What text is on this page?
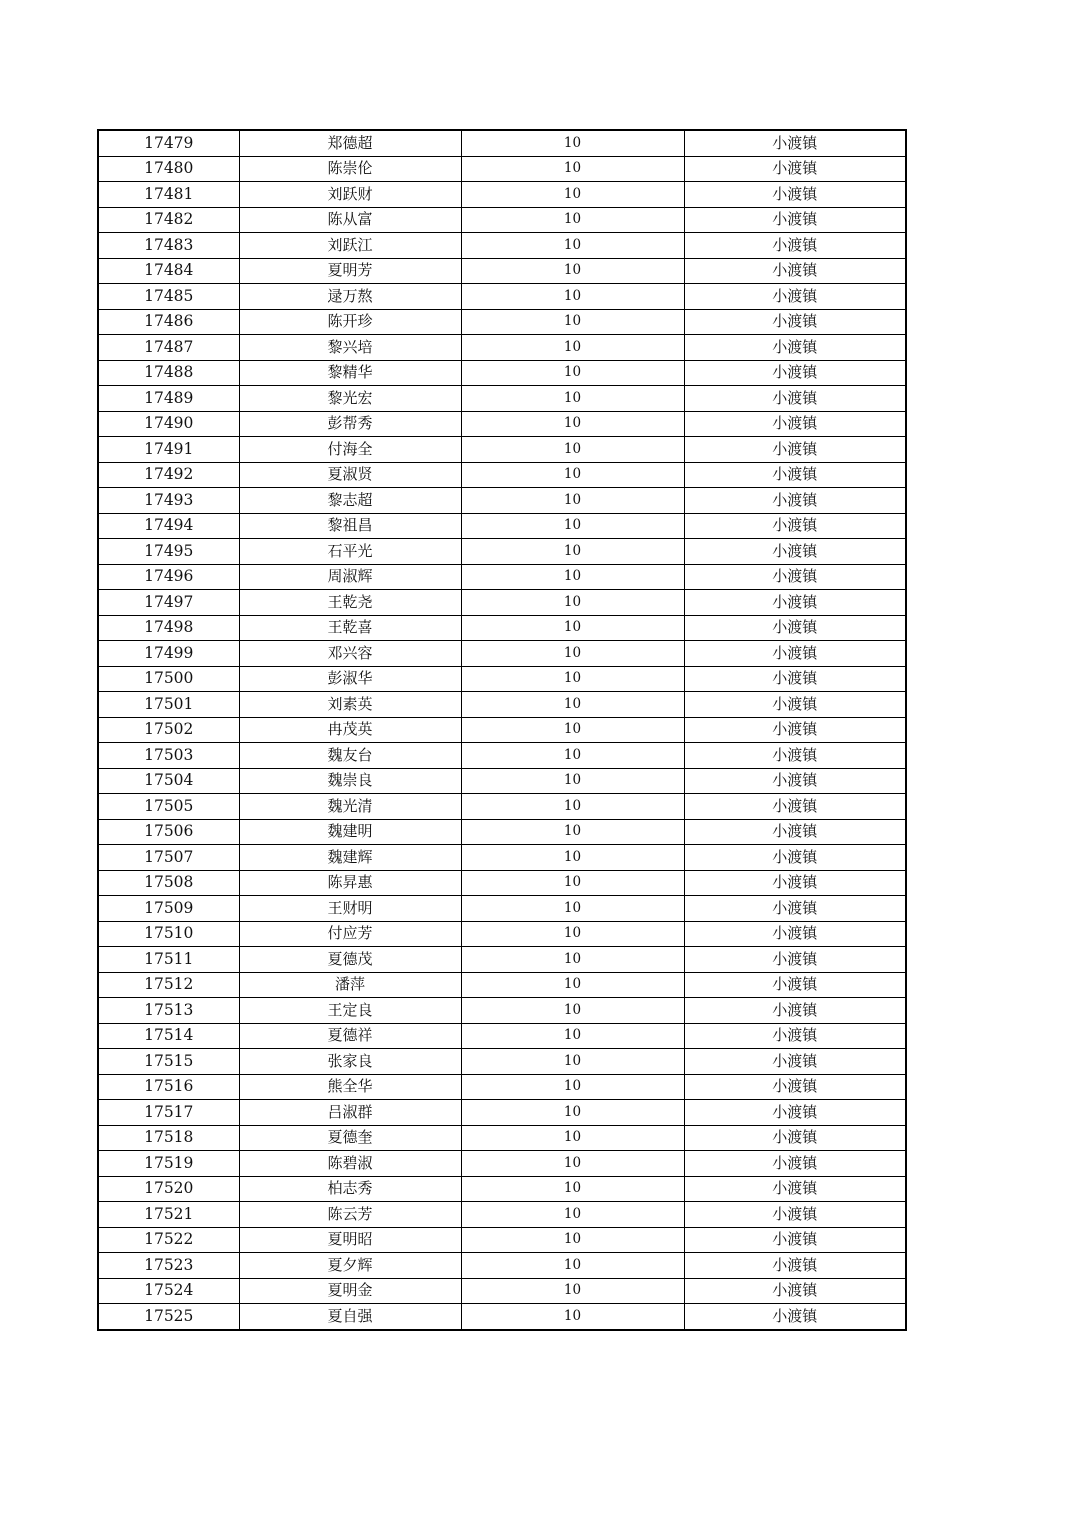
17479	郑德超	10	小渡镇
17480	陈崇伦	10	小渡镇
17481	刘跃财	10	小渡镇
17482	陈从富	10	小渡镇
17483	刘跃江	10	小渡镇
17484	夏明芳	10	小渡镇
17485	逯万熬	10	小渡镇
17486	陈开珍	10	小渡镇
17487	黎兴培	10	小渡镇
17488	黎精华	10	小渡镇
17489	黎光宏	10	小渡镇
17490	彭帮秀	10	小渡镇
17491	付海全	10	小渡镇
17492	夏淑贤	10	小渡镇
17493	黎志超	10	小渡镇
17494	黎祖昌	10	小渡镇
17495	石平光	10	小渡镇
17496	周淑辉	10	小渡镇
17497	王乾尧	10	小渡镇
17498	王乾喜	10	小渡镇
17499	邓兴容	10	小渡镇
17500	彭淑华	10	小渡镇
17501	刘素英	10	小渡镇
17502	冉茂英	10	小渡镇
17503	魏友台	10	小渡镇
17504	魏崇良	10	小渡镇
17505	魏光清	10	小渡镇
17506	魏建明	10	小渡镇
17507	魏建辉	10	小渡镇
17508	陈昇惠	10	小渡镇
17509	王财明	10	小渡镇
17510	付应芳	10	小渡镇
17511	夏德茂	10	小渡镇
17512	潘萍	10	小渡镇
17513	王定良	10	小渡镇
17514	夏德祥	10	小渡镇
17515	张家良	10	小渡镇
17516	熊全华	10	小渡镇
17517	吕淑群	10	小渡镇
17518	夏德奎	10	小渡镇
17519	陈碧淑	10	小渡镇
17520	柏志秀	10	小渡镇
17521	陈云芳	10	小渡镇
17522	夏明昭	10	小渡镇
17523	夏夕辉	10	小渡镇
17524	夏明金	10	小渡镇
17525	夏自强	10	小渡镇
